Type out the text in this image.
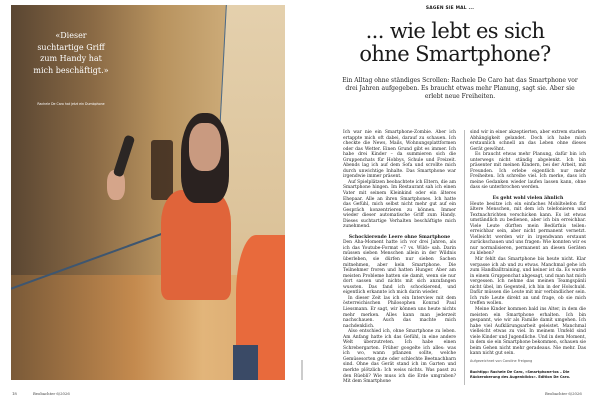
«Dieser suchtartige Griff zum Handy hat mich beschäftigt.»
Rachele De Caro hat jetzt ein Dumbphone
SAGEN SIE MAL ...
... wie lebt es sich
ohne Smartphone?

Ein Alltag ohne ständiges Scrollen: Rachele De Caro hat das Smartphone vor drei Jahren aufgegeben. Es braucht etwas mehr Planung, sagt sie. Aber sie erlebt neue Freiheiten.

Ich war nie ein Smartphone-Zombie. Aber ich ertappte mich oft dabei, darauf zu schauen. Ich checkte die News, Mails, Wohnungsplattformen oder das Wetter. Einen Grund gibt es immer. Ich habe drei Kinder – da summieren sich die Gruppenchats für Hobbys, Schule und Freizeit. Abends lag ich auf dem Sofa und scrollte mich durch unwichtige Inhalte. Das Smartphone war irgendwie immer präsent.

Auf Spielplätzen beobachtete ich Eltern, die am Smartphone hingen. Im Restaurant sah ich einen Vater mit seinem Kleinkind oder ein älteres Ehepaar. Alle an ihren Smartphones. Ich hatte das Gefühl, mich selbst nicht mehr gut auf ein Gespräch konzentrieren zu können. Immer wieder dieser automatische Griff zum Handy. Dieses suchtartige Verhalten beschäftigte mich zunehmend.

Schockierende Leere ohne Smartphone

Den Aha-Moment hatte ich vor drei Jahren, als ich das Youtube-Format «7 vs. Wild» sah. Darin müssen sieben Menschen allein in der Wildnis überleben, sie dürfen nur sieben Sachen mitnehmen, aber kein Smartphone. Die Teilnehmer froren und hatten Hunger. Aber am meisten Probleme hatten sie damit, wenn sie nur dort sassen und nichts mit sich anzufangen wussten. Das fand ich schockierend, und eigentlich erkannte ich mich darin wieder.

In dieser Zeit las ich ein Interview mit dem österreichischen Philosophen Konrad Paul Liessmann. Er sagt, wir können uns heute nichts mehr merken. Alles kann man jederzeit nachschauen. Auch das machte mich nachdenklich.

Also entschied ich, ohne Smartphone zu leben. Am Anfang hatte ich das Gefühl, in eine andere Welt überzutreten. Ich habe einen Schrebergarten. Früher googelte ich alles: was ich wo, wann pflanzen sollte, welche Gemüsesorten gute oder schlechte Beetnachbarn sind. Ohne das Gerät stand ich im Garten und merkte plötzlich: Ich weiss nichts. Was passt zu den Rüebli? Wie muss ich die Erde umgraben? Mit dem Smartphone

sind wir in einer akzeptierten, aber extrem starken Abhängigkeit gelandet. Doch ich habe mich erstaunlich schnell an das Leben ohne dieses Gerät gewöhnt.

Es braucht etwas mehr Planung, dafür bin ich unterwegs nicht ständig abgelenkt. Ich bin präsenter mit meinen Kindern, bei der Arbeit, mit Freunden. Ich erlebe eigentlich nur mehr Freiheiten. Ich schreibe viel. Ich merke, dass ich meine Gedanken wieder laufen lassen kann, ohne dass sie unterbrochen werden.

Es geht wohl vielen ähnlich

Heute besitze ich ein einfaches Mobiltelefon für ältere Menschen, mit dem ich telefonieren und Textnachrichten verschicken kann. Es ist etwas umständlich zu bedienen, aber ich bin erreichbar. Viele Leute dürften mein Bedürfnis teilen: erreichbar sein, aber nicht permanent vernetzt. Vielleicht werden wir in irgendwann erstaunt zurückschauen und uns fragen: Wie konnten wir es nur normalisieren, permanent an diesen Geräten zu kleben?

Mir fehlt das Smartphone bis heute nicht. Klar verpasse ich ab und zu etwas. Manchmal gehe ich zum Handballtraining, und keiner ist da. Es wurde in einem Gruppenchat abgesagt, und man hat mich vergessen. Ich nehme das meinen Teamgspänli nicht übel, im Gegenteil, ich bin in der Holschuld. Dafür müssen die Leute mit mir verbindlicher sein. Ich rufe Leute direkt an und frage, ob sie mich treffen wollen.

Meine Kinder kommen bald ins Alter, in dem die meisten ein Smartphone erhalten. Ich bin gespannt, wie wir als Familie damit umgehen. Ich habe viel Aufklärungsarbeit geleistet. Manchmal vielleicht etwas zu viel. In meinem Umfeld sind viele Kinder und Jugendliche. Und in dem Moment, in dem sie ein Smartphone bekommen, schauen sie beim Gehen nicht mehr geradeaus. Nie mehr. Das kann nicht gut sein.

Aufgezeichnet von Caroline Freigang
Buchtipp: Rachele De Caro, «Smartphone-los – Die Rückeroberung des Augenblicks». Edition De Caro.
18	Beobachter 6/2026	Beobachter 6/2026
